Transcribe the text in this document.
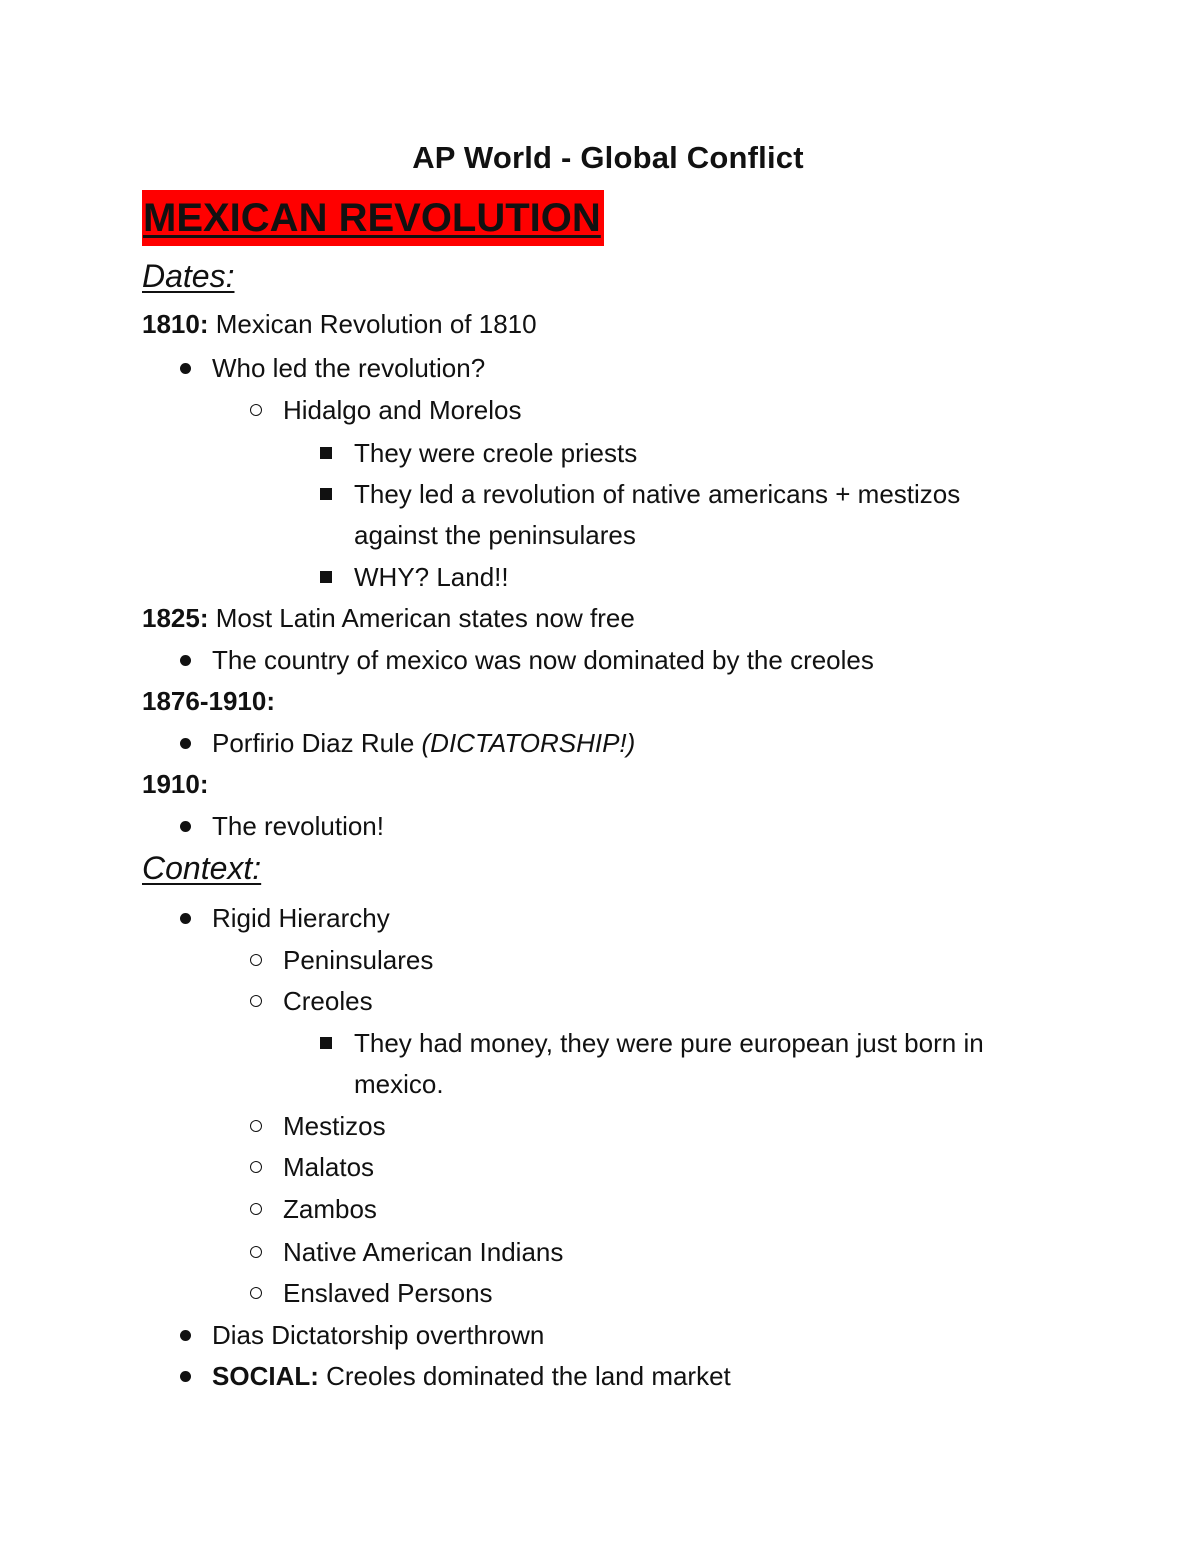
AP World - Global Conflict
MEXICAN REVOLUTION
Dates:
1810: Mexican Revolution of 1810
Who led the revolution?
Hidalgo and Morelos
They were creole priests
They led a revolution of native americans + mestizos
against the peninsulares
WHY? Land!!
1825: Most Latin American states now free
The country of mexico was now dominated by the creoles
1876-1910:
Porfirio Diaz Rule (DICTATORSHIP!)
1910:
The revolution!
Context:
Rigid Hierarchy
Peninsulares
Creoles
They had money, they were pure european just born in
mexico.
Mestizos
Malatos
Zambos
Native American Indians
Enslaved Persons
Dias Dictatorship overthrown
SOCIAL: Creoles dominated the land market
